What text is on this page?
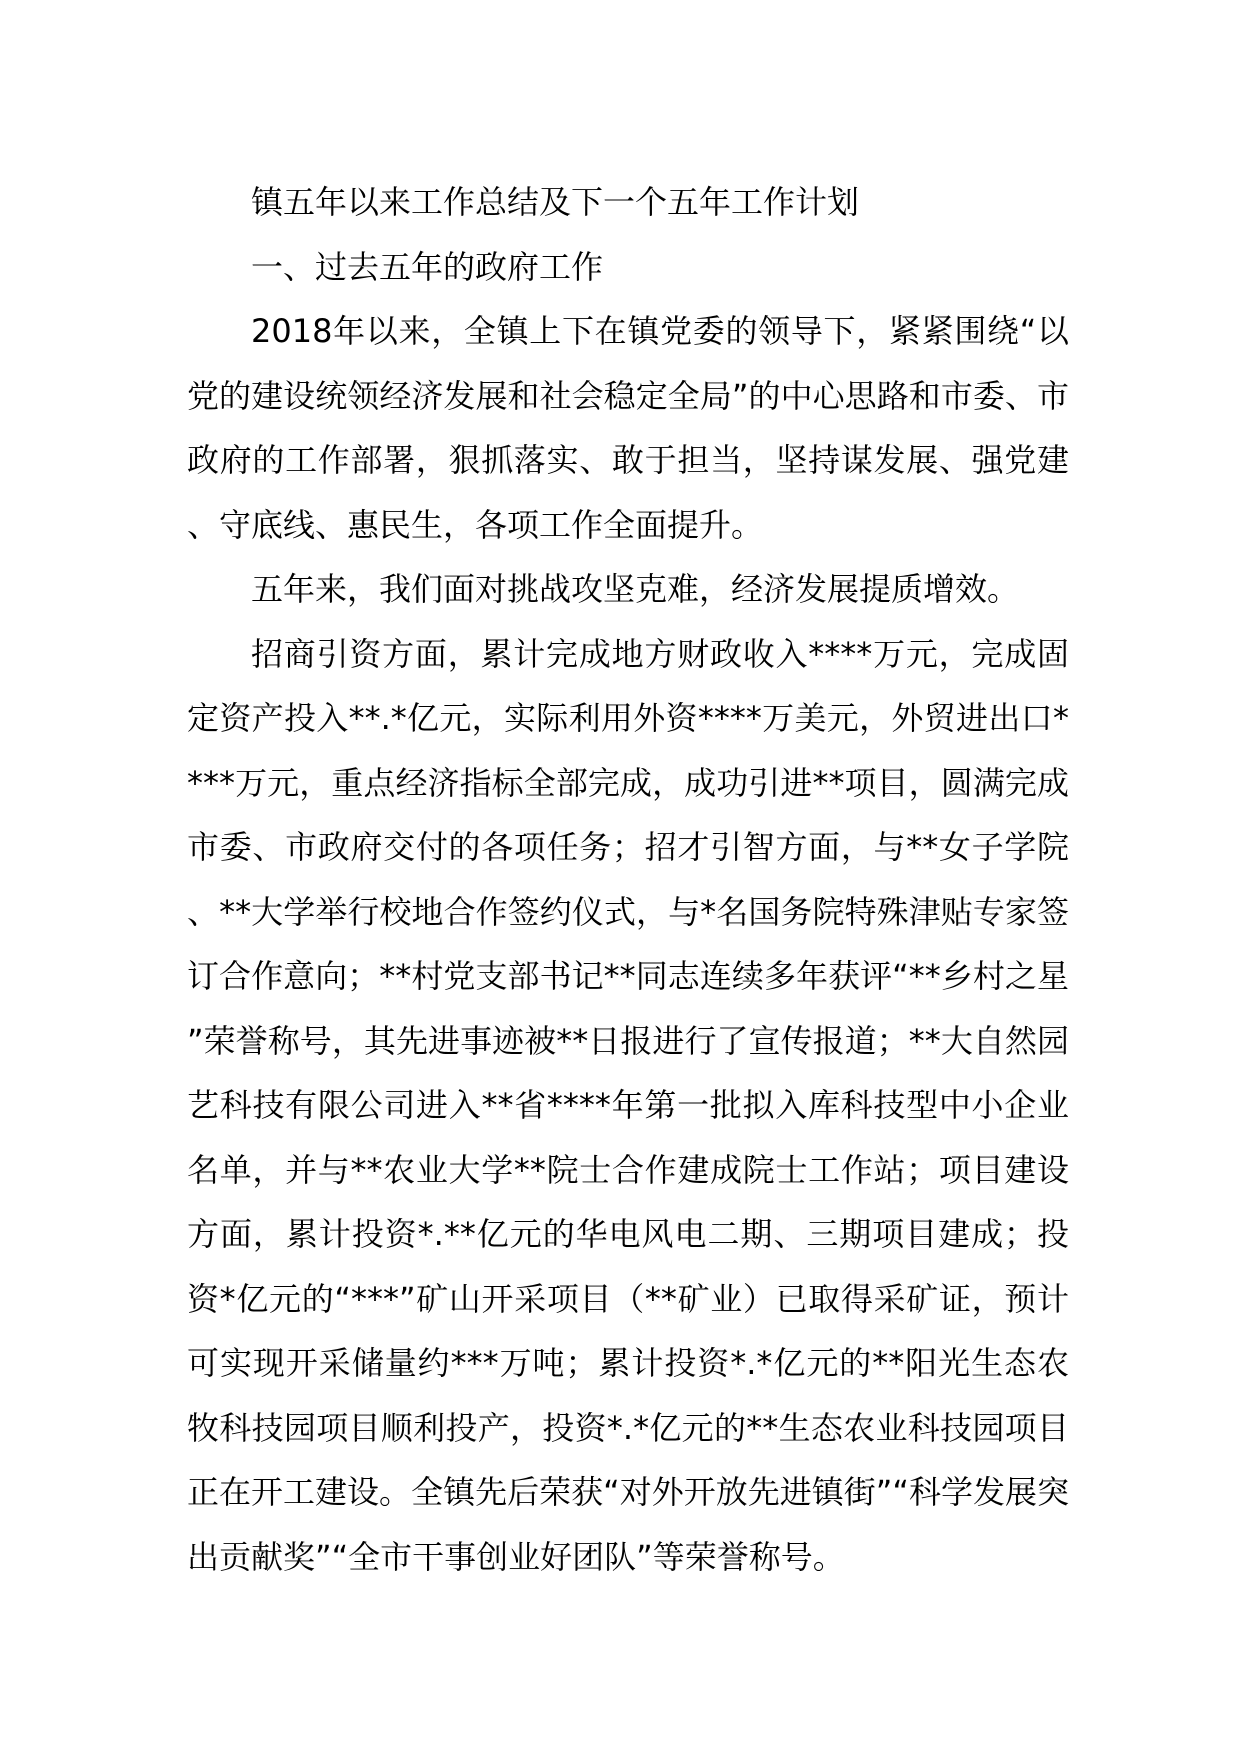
镇五年以来工作总结及下一个五年工作计划

一、过去五年的政府工作

2018年以来，全镇上下在镇党委的领导下，紧紧围绕“以党的建设统领经济发展和社会稳定全局”的中心思路和市委、市政府的工作部署，狠抓落实、敢于担当，坚持谋发展、强党建、守底线、惠民生，各项工作全面提升。

五年来，我们面对挑战攻坚克难，经济发展提质增效。

招商引资方面，累计完成地方财政收入****万元，完成固定资产投入**.*亿元，实际利用外资****万美元，外贸进出口****万元，重点经济指标全部完成，成功引进**项目，圆满完成市委、市政府交付的各项任务；招才引智方面，与**女子学院、**大学举行校地合作签约仪式，与*名国务院特殊津贴专家签订合作意向；**村党支部书记**同志连续多年获评“**乡村之星”荣誉称号，其先进事迹被**日报进行了宣传报道；**大自然园艺科技有限公司进入**省****年第一批拟入库科技型中小企业名单，并与**农业大学**院士合作建成院士工作站；项目建设方面，累计投资*.**亿元的华电风电二期、三期项目建成；投资*亿元的“***”矿山开采项目（**矿业）已取得采矿证，预计可实现开采储量约***万吨；累计投资*.*亿元的**阳光生态农牧科技园项目顺利投产，投资*.*亿元的**生态农业科技园项目正在开工建设。全镇先后荣获“对外开放先进镇街”“科学发展突出贡献奖”“全市干事创业好团队”等荣誉称号。
